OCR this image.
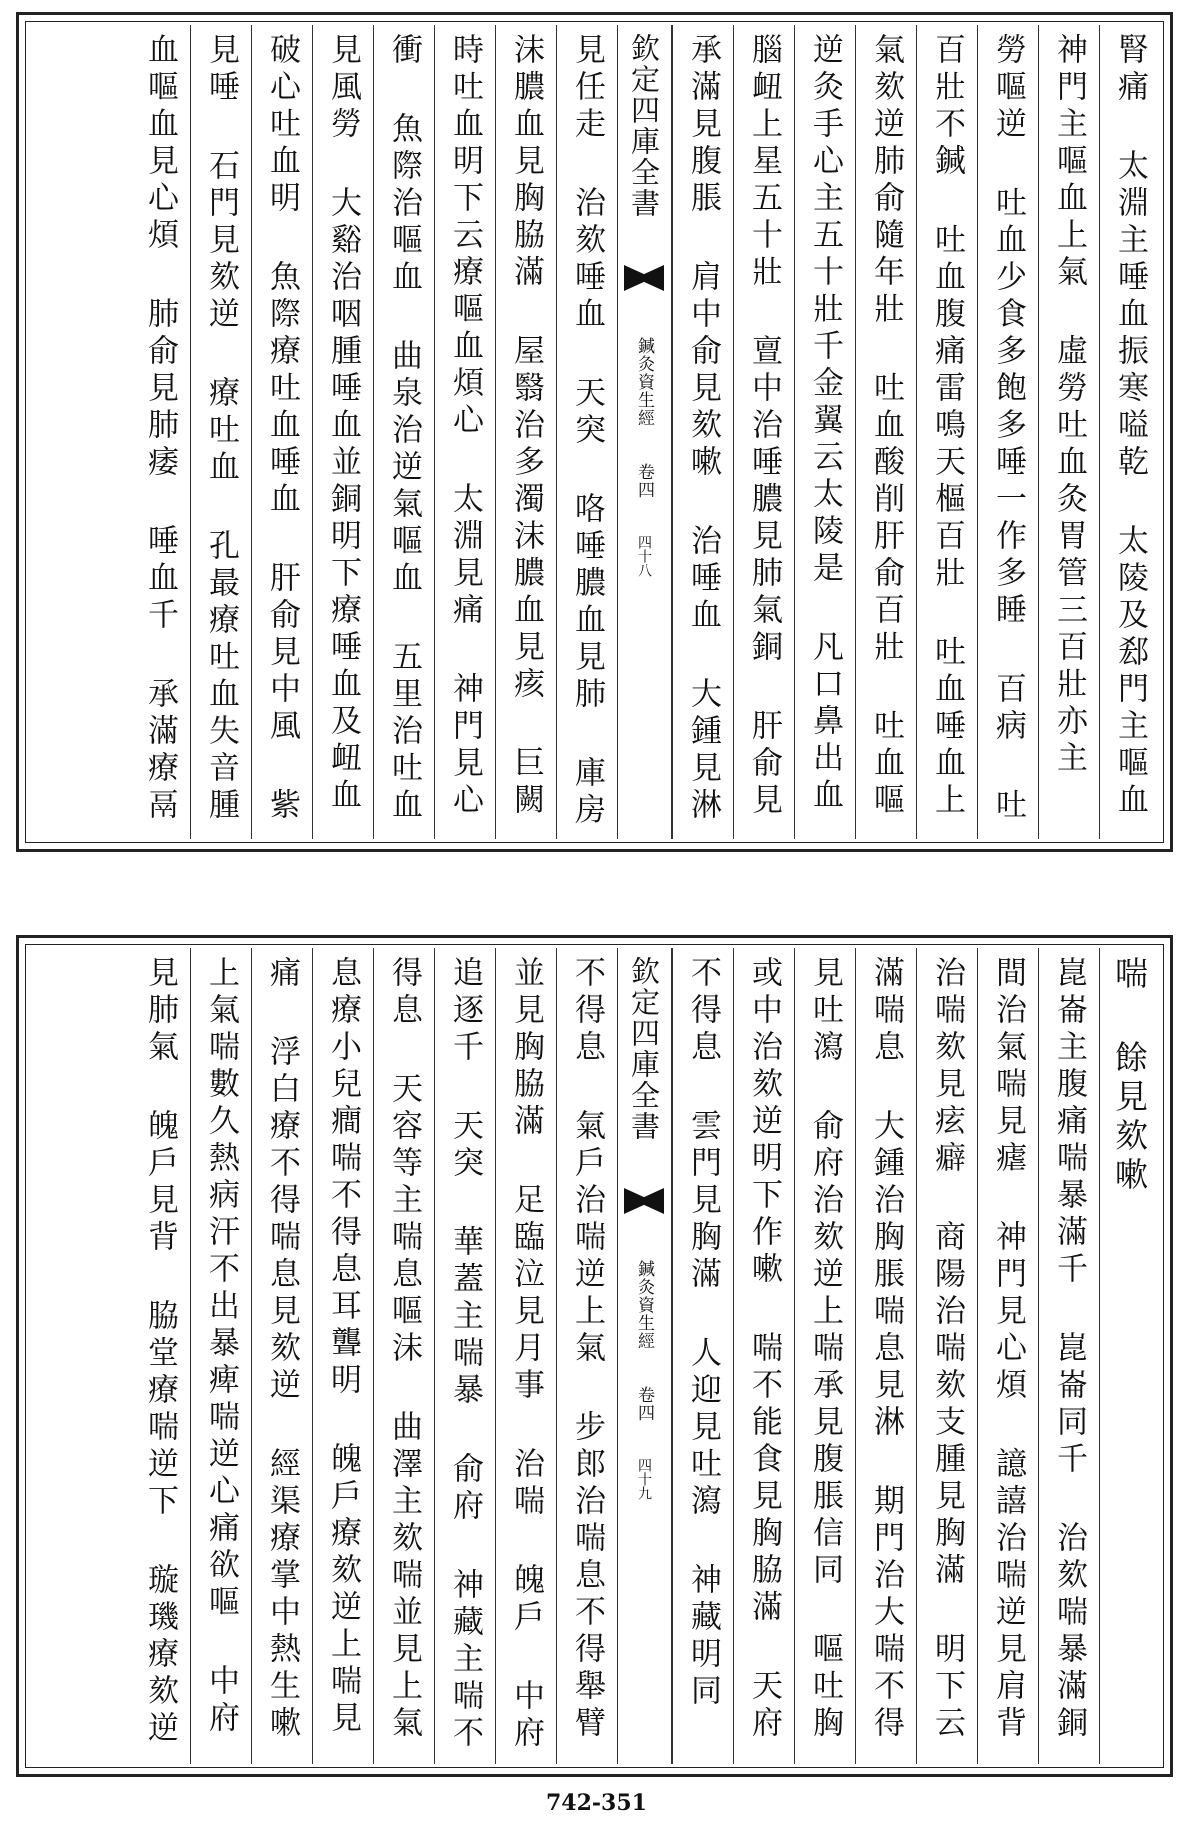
腎痛 太淵主唾血振寒嗌乾 太陵及郄門主嘔血
神門主嘔血上氣 虛勞吐血灸胃管三百壯亦主
勞嘔逆 吐血少食多飽多唾一作多睡 百病 吐
百壯不鍼 吐血腹痛雷鳴天樞百壯 吐血唾血上
氣欬逆肺俞隨年壯 吐血酸削肝俞百壯 吐血嘔
逆灸手心主五十壯千金翼云太陵是 凡口鼻出血
腦衄上星五十壯 亶中治唾膿見肺氣銅 肝俞見
承滿見腹脹 肩中俞見欬嗽 治唾血 大鍾見淋
欽定四庫全書  鍼灸資生經 卷四 四十八
見任走 治欬唾血 天突 咯唾膿血見肺 庫房
沫膿血見胸脇滿 屋翳治多濁沫膿血見痎 巨闕
時吐血明下云療嘔血煩心 太淵見痛 神門見心
衝 魚際治嘔血 曲泉治逆氣嘔血 五里治吐血
見風勞 大谿治咽腫唾血並銅明下療唾血及衄血
破心吐血明 魚際療吐血唾血 肝俞見中風 紫
見唾 石門見欬逆 療吐血 孔最療吐血失音腫
血嘔血見心煩 肺俞見肺痿 唾血千 承滿療鬲
喘 餘見欬嗽
崑崙主腹痛喘暴滿千 崑崙同千 治欬喘暴滿銅
間治氣喘見瘧 神門見心煩 譩譆治喘逆見肩背
治喘欬見痃癖 商陽治喘欬支腫見胸滿 明下云
滿喘息 大鍾治胸脹喘息見淋 期門治大喘不得
見吐瀉 俞府治欬逆上喘承見腹脹信同 嘔吐胸
或中治欬逆明下作嗽 喘不能食見胸脇滿 天府
不得息 雲門見胸滿 人迎見吐瀉 神藏明同
欽定四庫全書  鍼灸資生經 卷四 四十九
不得息 氣戶治喘逆上氣 步郎治喘息不得舉臂
並見胸脇滿 足臨泣見月事 治喘 魄戶 中府
追逐千 天突 華蓋主喘暴 俞府 神藏主喘不
得息 天容等主喘息嘔沫 曲澤主欬喘並見上氣
息療小兒癎喘不得息耳聾明 魄戶療欬逆上喘見
痛 浮白療不得喘息見欬逆 經渠療掌中熱生嗽
上氣喘數久熱病汗不出暴痺喘逆心痛欲嘔 中府
見肺氣 魄戶見背 脇堂療喘逆下 璇璣療欬逆
742-351
